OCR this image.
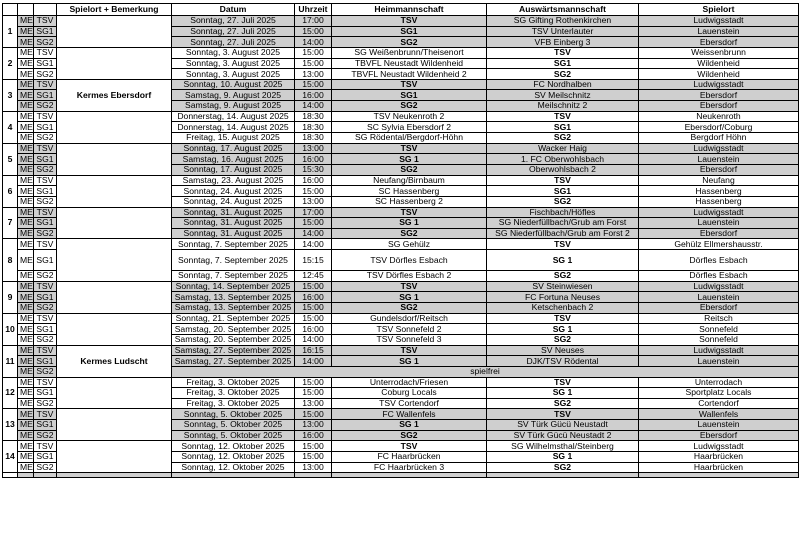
			Spielort + Bemerkung	Datum	Uhrzeit	Heimmannschaft	Auswärtsmannschaft	Spielort
1	ME	TSV		Sonntag, 27. Juli 2025	17:00	TSV	SG Gifting Rothenkirchen	Ludwigsstadt
	ME	SG1		Sonntag, 27. Juli 2025	15:00	SG1	TSV Unterlauter	Lauenstein
	ME	SG2		Sonntag, 27. Juli 2025	14:00	SG2	VFB Einberg 3	Ebersdorf
2	ME	TSV		Sonntag, 3. August 2025	15:00	SG Weißenbrunn/Theisenort	TSV	Weissenbrunn
	ME	SG1		Sonntag, 3. August 2025	15:00	TBVFL Neustadt Wildenheid	SG1	Wildenheid
	ME	SG2		Sonntag, 3. August 2025	13:00	TBVFL Neustadt Wildenheid 2	SG2	Wildenheid
3	ME	TSV	Kermes Ebersdorf	Sonntag, 10. August 2025	15:00	TSV	FC Nordhalben	Ludwigsstadt
	ME	SG1		Samstag, 9. August 2025	16:00	SG1	SV Meilschnitz	Ebersdorf
	ME	SG2		Samstag, 9. August 2025	14:00	SG2	Meilschnitz 2	Ebersdorf
4	ME	TSV		Donnerstag, 14. August 2025	18:30	TSV Neukenroth 2	TSV	Neukenroth
	ME	SG1		Donnerstag, 14. August 2025	18:30	SC Sylvia Ebersdorf 2	SG1	Ebersdorf/Coburg
	ME	SG2		Freitag, 15. August 2025	18:30	SG Rödental/Bergdorf-Höhn	SG2	Bergdorf Höhn
5	ME	TSV		Sonntag, 17. August 2025	13:00	TSV	Wacker Haig	Ludwigsstadt
	ME	SG1		Samstag, 16. August 2025	16:00	SG 1	1. FC Oberwohlsbach	Lauenstein
	ME	SG2		Sonntag, 17. August 2025	15:30	SG2	Oberwohlsbach 2	Ebersdorf
6	ME	TSV		Samstag, 23. August 2025	16:00	Neufang/Birnbaum	TSV	Neufang
	ME	SG1		Sonntag, 24. August 2025	15:00	SC Hassenberg	SG1	Hassenberg
	ME	SG2		Sonntag, 24. August 2025	13:00	SC Hassenberg 2	SG2	Hassenberg
7	ME	TSV		Sonntag, 31. August 2025	17:00	TSV	Fischbach/Höfles	Ludwigsstadt
	ME	SG1		Sonntag, 31. August 2025	15:00	SG 1	SG Niederfüllbach/Grub am Forst	Lauenstein
	ME	SG2		Sonntag, 31. August 2025	14:00	SG2	SG Niederfüllbach/Grub am Forst 2	Ebersdorf
8	ME	TSV		Sonntag, 7. September 2025	14:00	SG Gehülz	TSV	Gehülz Ellmershausstr.
	ME	SG1		Sonntag, 7. September 2025	15:15	TSV Dörfles Esbach	SG 1	Dörfles Esbach
	ME	SG2		Sonntag, 7. September 2025	12:45	TSV Dörfles Esbach 2	SG2	Dörfles Esbach
9	ME	TSV		Sonntag, 14. September 2025	15:00	TSV	SV Steinwiesen	Ludwigsstadt
	ME	SG1		Samstag, 13. September 2025	16:00	SG 1	FC Fortuna Neuses	Lauenstein
	ME	SG2		Samstag, 13. September 2025	15:00	SG2	Ketschenbach 2	Ebersdorf
10	ME	TSV		Sonntag, 21. September 2025	15:00	Gundelsdorf/Reitsch	TSV	Reitsch
	ME	SG1		Samstag, 20. September 2025	16:00	TSV Sonnefeld 2	SG 1	Sonnefeld
	ME	SG2		Samstag, 20. September 2025	14:00	TSV Sonnefeld 3	SG2	Sonnefeld
11	ME	TSV	Kermes Ludscht	Samstag, 27. September 2025	16:15	TSV	SV Neuses	Ludwigsstadt
	ME	SG1		Samstag, 27. September 2025	14:00	SG 1	DJK/TSV Rödental	Lauenstein
	ME	SG2		spielfrei				
12	ME	TSV		Freitag, 3. Oktober 2025	15:00	Unterrodach/Friesen	TSV	Unterrodach
	ME	SG1		Freitag, 3. Oktober 2025	15:00	Coburg Locals	SG 1	Sportplatz Locals
	ME	SG2		Freitag, 3. Oktober 2025	13:00	TSV Cortendorf	SG2	Cortendorf
13	ME	TSV		Sonntag, 5. Oktober 2025	15:00	FC Wallenfels	TSV	Wallenfels
	ME	SG1		Sonntag, 5. Oktober 2025	13:00	SG 1	SV Türk Gücü Neustadt	Lauenstein
	ME	SG2		Sonntag, 5. Oktober 2025	16:00	SG2	SV Türk Gücü Neustadt 2	Ebersdorf
14	ME	TSV		Sonntag, 12. Oktober 2025	15:00	TSV	SG Wilhelmsthal/Steinberg	Ludwigsstadt
	ME	SG1		Sonntag, 12. Oktober 2025	15:00	FC Haarbrücken	SG 1	Haarbrücken
	ME	SG2		Sonntag, 12. Oktober 2025	13:00	FC Haarbrücken 3	SG2	Haarbrücken
